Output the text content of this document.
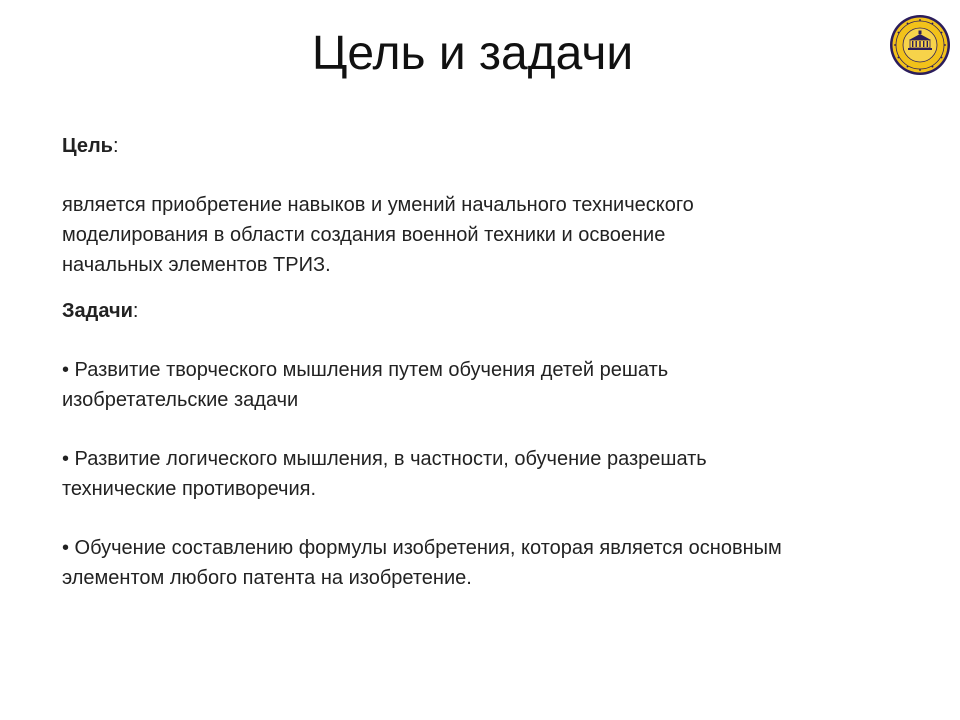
Цель и задачи

Цель:

является приобретение навыков и умений начального технического
моделирования в области создания военной техники и освоение
начальных элементов ТРИЗ.

Задачи:

• Развитие творческого мышления путем обучения детей решать
изобретательские задачи

• Развитие логического мышления, в частности, обучение разрешать
технические противоречия.

• Обучение составлению формулы изобретения, которая является основным
элементом любого патента на изобретение.
